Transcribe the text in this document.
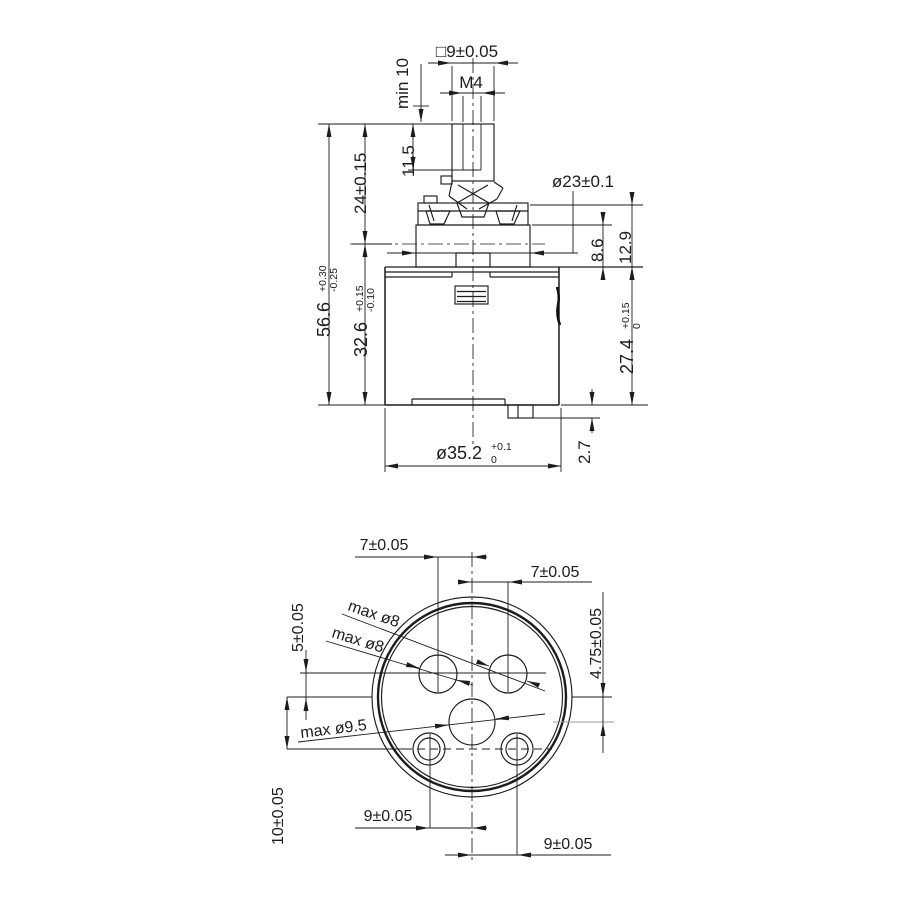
□9±0.05
M4
min 10
11.5
24±0.15
56.6
+0.30 -0.25
32.6
+0.15 -0.10
ø23±0.1
8.6 12.9
27.4
+0.15 0
2.7
ø35.2 +0.1
0
7±0.05
7±0.05
5±0.05
10±0.05
4.75±0.05
9±0.05
9±0.05
max ø8
max ø8
max ø9.5
